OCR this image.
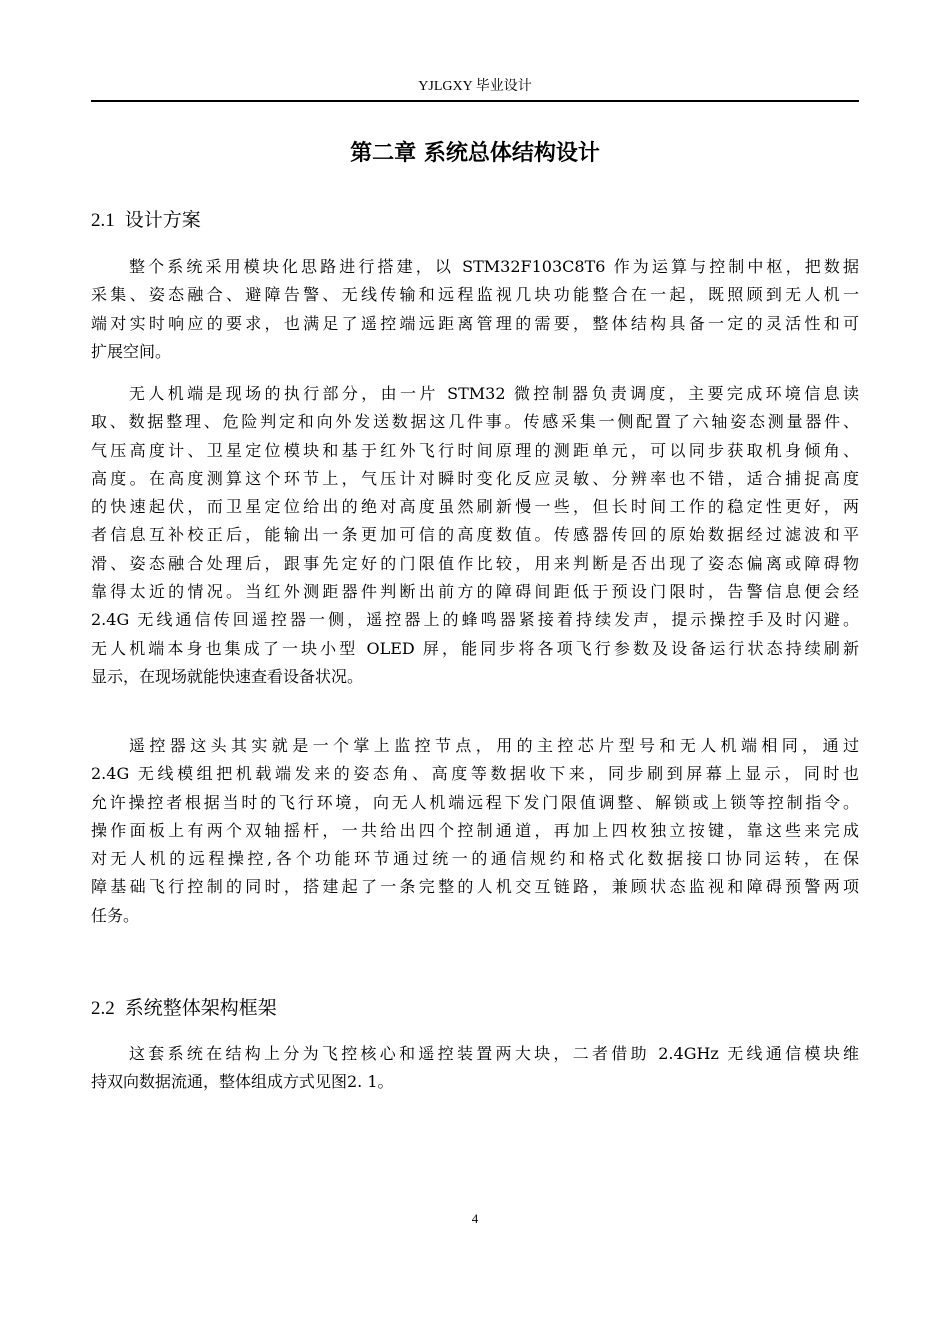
YJLGXY 毕业设计
第二章 系统总体结构设计
2.1 设计方案
整个系统采用模块化思路进行搭建，以 STM32F103C8T6 作为运算与控制中枢，把数据
采集、姿态融合、避障告警、无线传输和远程监视几块功能整合在一起，既照顾到无人机一
端对实时响应的要求，也满足了遥控端远距离管理的需要，整体结构具备一定的灵活性和可
扩展空间。
无人机端是现场的执行部分，由一片 STM32 微控制器负责调度，主要完成环境信息读
取、数据整理、危险判定和向外发送数据这几件事。传感采集一侧配置了六轴姿态测量器件、
气压高度计、卫星定位模块和基于红外飞行时间原理的测距单元，可以同步获取机身倾角、
高度。在高度测算这个环节上，气压计对瞬时变化反应灵敏、分辨率也不错，适合捕捉高度
的快速起伏，而卫星定位给出的绝对高度虽然刷新慢一些，但长时间工作的稳定性更好，两
者信息互补校正后，能输出一条更加可信的高度数值。传感器传回的原始数据经过滤波和平
滑、姿态融合处理后，跟事先定好的门限值作比较，用来判断是否出现了姿态偏离或障碍物
靠得太近的情况。当红外测距器件判断出前方的障碍间距低于预设门限时，告警信息便会经
2.4G 无线通信传回遥控器一侧，遥控器上的蜂鸣器紧接着持续发声，提示操控手及时闪避。
无人机端本身也集成了一块小型 OLED 屏，能同步将各项飞行参数及设备运行状态持续刷新
显示，在现场就能快速查看设备状况。
遥控器这头其实就是一个掌上监控节点，用的主控芯片型号和无人机端相同，通过
2.4G 无线模组把机载端发来的姿态角、高度等数据收下来，同步刷到屏幕上显示，同时也
允许操控者根据当时的飞行环境，向无人机端远程下发门限值调整、解锁或上锁等控制指令。
操作面板上有两个双轴摇杆，一共给出四个控制通道，再加上四枚独立按键，靠这些来完成
对无人机的远程操控,各个功能环节通过统一的通信规约和格式化数据接口协同运转，在保
障基础飞行控制的同时，搭建起了一条完整的人机交互链路，兼顾状态监视和障碍预警两项
任务。
2.2 系统整体架构框架
这套系统在结构上分为飞控核心和遥控装置两大块，二者借助 2.4GHz 无线通信模块维
持双向数据流通，整体组成方式见图2. 1。
4
